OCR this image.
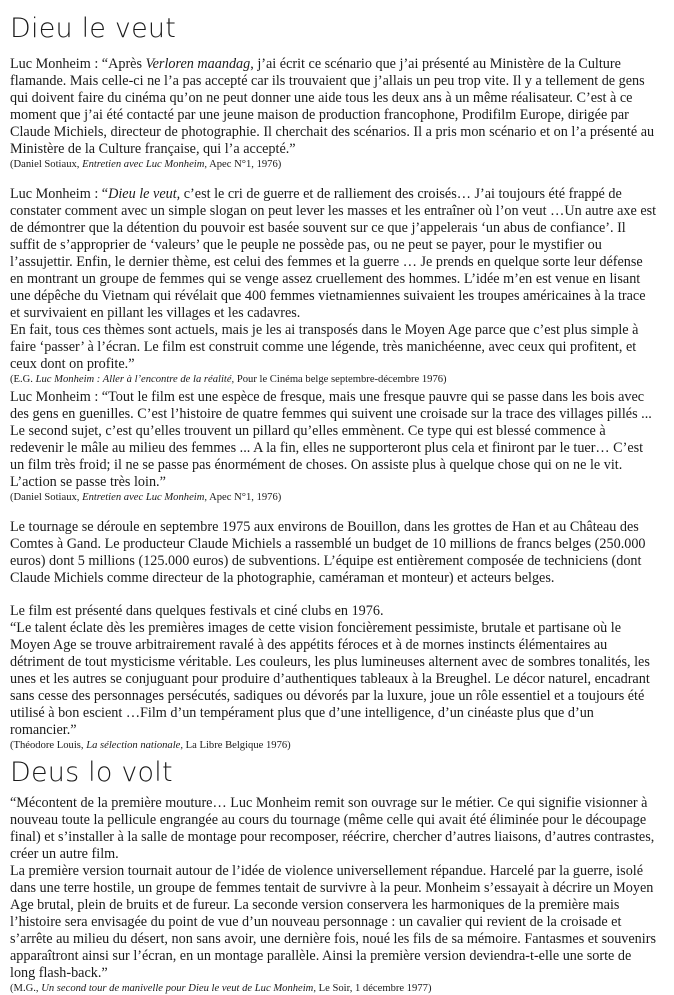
Dieu le veut

Luc Monheim : “Après Verloren maandag, j’ai écrit ce scénario que j’ai présenté au Ministère de la Culture
flamande. Mais celle-ci ne l’a pas accepté car ils trouvaient que j’allais un peu trop vite. Il y a tellement de gens
qui doivent faire du cinéma qu’on ne peut donner une aide tous les deux ans à un même réalisateur. C’est à ce
moment que j’ai été contacté par une jeune maison de production francophone, Prodifilm Europe, dirigée par
Claude Michiels, directeur de photographie. Il cherchait des scénarios. Il a pris mon scénario et on l’a présenté au
Ministère de la Culture française, qui l’a accepté.”

(Daniel Sotiaux, Entretien avec Luc Monheim, Apec N°1, 1976)

Luc Monheim : “Dieu le veut, c’est le cri de guerre et de ralliement des croisés… J’ai toujours été frappé de
constater comment avec un simple slogan on peut lever les masses et les entraîner où l’on veut …Un autre axe est
de démontrer que la détention du pouvoir est basée souvent sur ce que j’appelerais ‘un abus de confiance’. Il
suffit de s’approprier de ‘valeurs’ que le peuple ne possède pas, ou ne peut se payer, pour le mystifier ou
l’assujettir. Enfin, le dernier thème, est celui des femmes et la guerre … Je prends en quelque sorte leur défense
en montrant un groupe de femmes qui se venge assez cruellement des hommes. L’idée m’en est venue en lisant
une dépêche du Vietnam qui révélait que 400 femmes vietnamiennes suivaient les troupes américaines à la trace
et survivaient en pillant les villages et les cadavres.
En fait, tous ces thèmes sont actuels, mais je les ai transposés dans le Moyen Age parce que c’est plus simple à
faire ‘passer’ à l’écran. Le film est construit comme une légende, très manichéenne, avec ceux qui profitent, et
ceux dont on profite.”

(E.G. Luc Monheim : Aller à l’encontre de la réalité, Pour le Cinéma belge septembre-décembre 1976)

Luc Monheim : “Tout le film est une espèce de fresque, mais une fresque pauvre qui se passe dans les bois avec
des gens en guenilles. C’est l’histoire de quatre femmes qui suivent une croisade sur la trace des villages pillés ...
Le second sujet, c’est qu’elles trouvent un pillard qu’elles emmènent. Ce type qui est blessé commence à
redevenir le mâle au milieu des femmes ... A la fin, elles ne supporteront plus cela et finiront par le tuer… C’est
un film très froid; il ne se passe pas énormément de choses. On assiste plus à quelque chose qui on ne le vit.
L’action se passe très loin.”

(Daniel Sotiaux, Entretien avec Luc Monheim, Apec N°1, 1976)

Le tournage se déroule en septembre 1975 aux environs de Bouillon, dans les grottes de Han et au Château des
Comtes à Gand. Le producteur Claude Michiels a rassemblé un budget de 10 millions de francs belges (250.000
euros) dont 5 millions (125.000 euros) de subventions. L’équipe est entièrement composée de techniciens (dont
Claude Michiels comme directeur de la photographie, caméraman et monteur) et acteurs belges.

Le film est présenté dans quelques festivals et ciné clubs en 1976.
“Le talent éclate dès les premières images de cette vision foncièrement pessimiste, brutale et partisane où le
Moyen Age se trouve arbitrairement ravalé à des appétits féroces et à de mornes instincts élémentaires au
détriment de tout mysticisme véritable. Les couleurs, les plus lumineuses alternent avec de sombres tonalités, les
unes et les autres se conjuguant pour produire d’authentiques tableaux à la Breughel. Le décor naturel, encadrant
sans cesse des personnages persécutés, sadiques ou dévorés par la luxure, joue un rôle essentiel et a toujours été
utilisé à bon escient …Film d’un tempérament plus que d’une intelligence, d’un cinéaste plus que d’un
romancier.”

(Théodore Louis, La sélection nationale, La Libre Belgique 1976)

Deus lo volt

“Mécontent de la première mouture… Luc Monheim remit son ouvrage sur le métier. Ce qui signifie visionner à
nouveau toute la pellicule engrangée au cours du tournage (même celle qui avait été éliminée pour le découpage
final) et s’installer à la salle de montage pour recomposer, réécrire, chercher d’autres liaisons, d’autres contrastes,
créer un autre film.
La première version tournait autour de l’idée de violence universellement répandue. Harcelé par la guerre, isolé
dans une terre hostile, un groupe de femmes tentait de survivre à la peur. Monheim s’essayait à décrire un Moyen
Age brutal, plein de bruits et de fureur. La seconde version conservera les harmoniques de la première mais
l’histoire sera envisagée du point de vue d’un nouveau personnage : un cavalier qui revient de la croisade et
s’arrête au milieu du désert, non sans avoir, une dernière fois, noué les fils de sa mémoire. Fantasmes et souvenirs
apparaîtront ainsi sur l’écran, en un montage parallèle. Ainsi la première version deviendra-t-elle une sorte de
long flash-back.”

(M.G., Un second tour de manivelle pour Dieu le veut de Luc Monheim, Le Soir, 1 décembre 1977)
